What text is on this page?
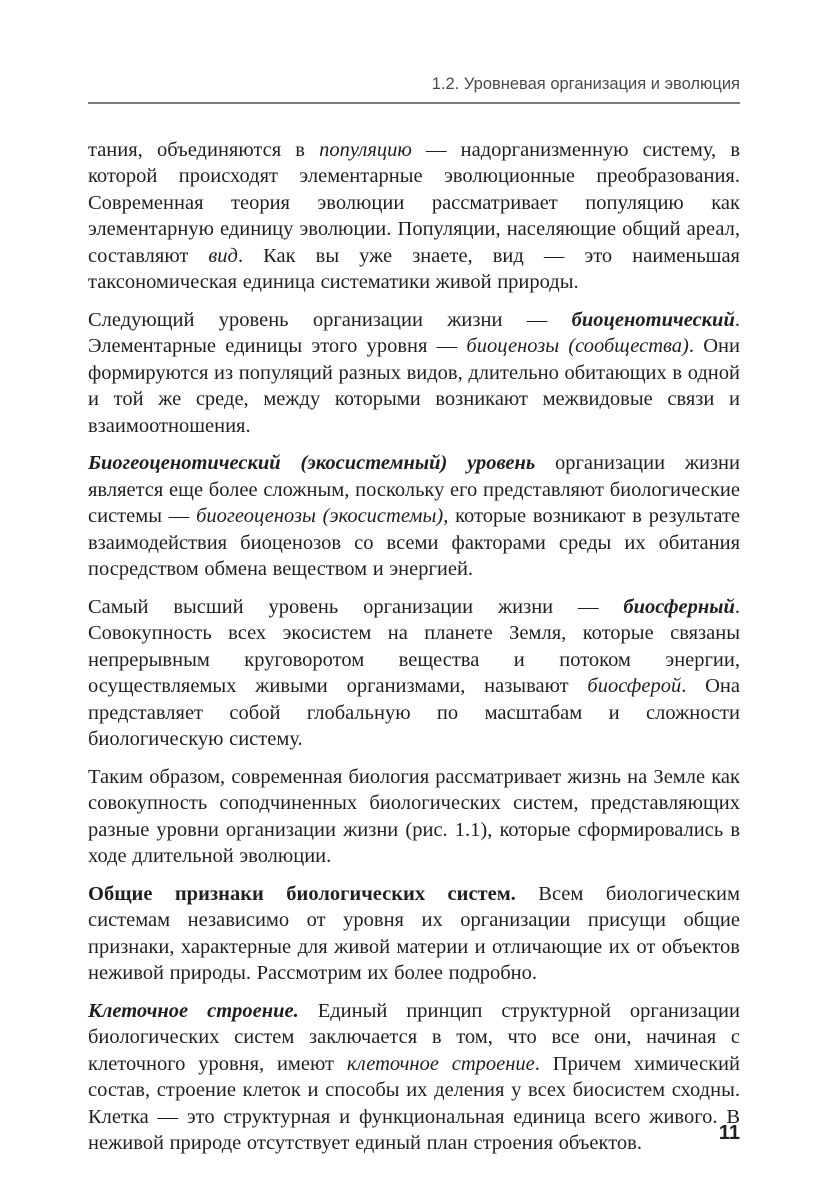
1.2. Уровневая организация и эволюция

тания, объединяются в популяцию — надорганизменную систему, в которой происходят элементарные эволюционные преобразования. Современная теория эволюции рассматривает популяцию как элементарную единицу эволюции. Популяции, населяющие общий ареал, составляют вид. Как вы уже знаете, вид — это наименьшая таксономическая единица систематики живой природы.

Следующий уровень организации жизни — биоценотический. Элементарные единицы этого уровня — биоценозы (сообщества). Они формируются из популяций разных видов, длительно обитающих в одной и той же среде, между которыми возникают межвидовые связи и взаимоотношения.

Биогеоценотический (экосистемный) уровень организации жизни является еще более сложным, поскольку его представляют биологические системы — биогеоценозы (экосистемы), которые возникают в результате взаимодействия биоценозов со всеми факторами среды их обитания посредством обмена веществом и энергией.

Самый высший уровень организации жизни — биосферный. Совокупность всех экосистем на планете Земля, которые связаны непрерывным круговоротом вещества и потоком энергии, осуществляемых живыми организмами, называют биосферой. Она представляет собой глобальную по масштабам и сложности биологическую систему.

Таким образом, современная биология рассматривает жизнь на Земле как совокупность соподчиненных биологических систем, представляющих разные уровни организации жизни (рис. 1.1), которые сформировались в ходе длительной эволюции.

Общие признаки биологических систем. Всем биологическим системам независимо от уровня их организации присущи общие признаки, характерные для живой материи и отличающие их от объектов неживой природы. Рассмотрим их более подробно.

Клеточное строение. Единый принцип структурной организации биологических систем заключается в том, что все они, начиная с клеточного уровня, имеют клеточное строение. Причем химический состав, строение клеток и способы их деления у всех биосистем сходны. Клетка — это структурная и функциональная единица всего живого. В неживой природе отсутствует единый план строения объектов.	11
